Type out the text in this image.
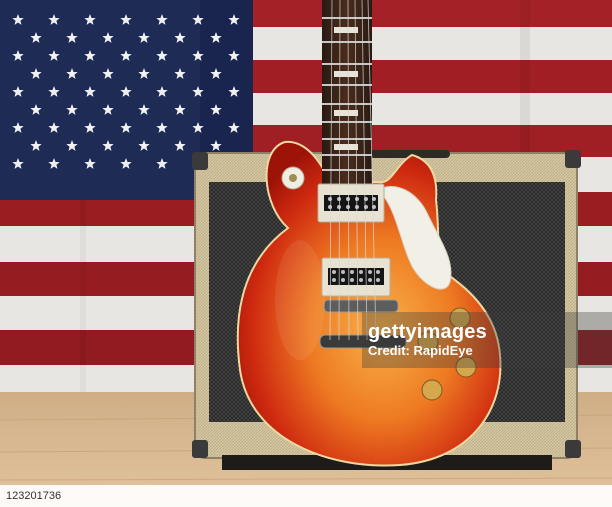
gettyimages
Credit: RapidEye
123201736
